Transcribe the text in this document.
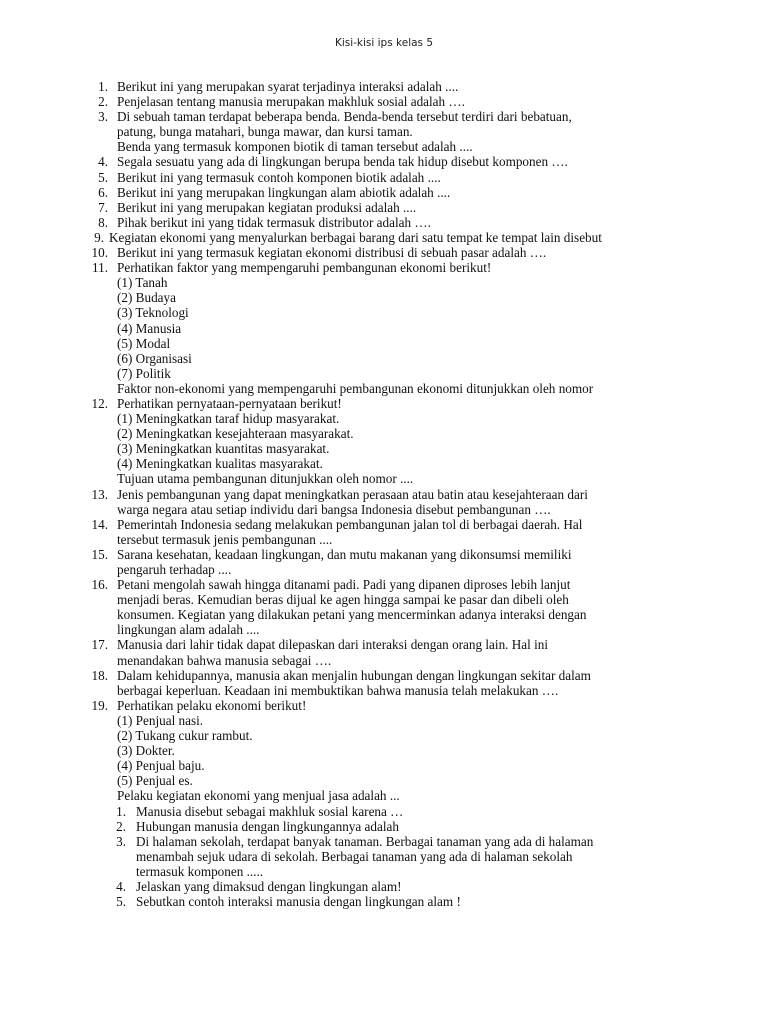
Kisi-kisi ips kelas 5
1. Berikut ini yang merupakan syarat terjadinya interaksi adalah ....
2. Penjelasan tentang manusia merupakan makhluk sosial adalah ….
3. Di sebuah taman terdapat beberapa benda. Benda-benda tersebut terdiri dari bebatuan,
patung, bunga matahari, bunga mawar, dan kursi taman.
Benda yang termasuk komponen biotik di taman tersebut adalah ....
4. Segala sesuatu yang ada di lingkungan berupa benda tak hidup disebut komponen ….
5. Berikut ini yang termasuk contoh komponen biotik adalah ....
6. Berikut ini yang merupakan lingkungan alam abiotik adalah ....
7. Berikut ini yang merupakan kegiatan produksi adalah ....
8. Pihak berikut ini yang tidak termasuk distributor adalah ….
9. Kegiatan ekonomi yang menyalurkan berbagai barang dari satu tempat ke tempat lain disebut
10. Berikut ini yang termasuk kegiatan ekonomi distribusi di sebuah pasar adalah ….
11. Perhatikan faktor yang mempengaruhi pembangunan ekonomi berikut!
(1) Tanah
(2) Budaya
(3) Teknologi
(4) Manusia
(5) Modal
(6) Organisasi
(7) Politik
Faktor non-ekonomi yang mempengaruhi pembangunan ekonomi ditunjukkan oleh nomor
12. Perhatikan pernyataan-pernyataan berikut!
(1) Meningkatkan taraf hidup masyarakat.
(2) Meningkatkan kesejahteraan masyarakat.
(3) Meningkatkan kuantitas masyarakat.
(4) Meningkatkan kualitas masyarakat.
Tujuan utama pembangunan ditunjukkan oleh nomor ....
13. Jenis pembangunan yang dapat meningkatkan perasaan atau batin atau kesejahteraan dari
warga negara atau setiap individu dari bangsa Indonesia disebut pembangunan ….
14. Pemerintah Indonesia sedang melakukan pembangunan jalan tol di berbagai daerah. Hal
tersebut termasuk jenis pembangunan ....
15. Sarana kesehatan, keadaan lingkungan, dan mutu makanan yang dikonsumsi memiliki
pengaruh terhadap ....
16. Petani mengolah sawah hingga ditanami padi. Padi yang dipanen diproses lebih lanjut
menjadi beras. Kemudian beras dijual ke agen hingga sampai ke pasar dan dibeli oleh
konsumen. Kegiatan yang dilakukan petani yang mencerminkan adanya interaksi dengan
lingkungan alam adalah ....
17. Manusia dari lahir tidak dapat dilepaskan dari interaksi dengan orang lain. Hal ini
menandakan bahwa manusia sebagai ….
18. Dalam kehidupannya, manusia akan menjalin hubungan dengan lingkungan sekitar dalam
berbagai keperluan. Keadaan ini membuktikan bahwa manusia telah melakukan ….
19. Perhatikan pelaku ekonomi berikut!
(1) Penjual nasi.
(2) Tukang cukur rambut.
(3) Dokter.
(4) Penjual baju.
(5) Penjual es.
Pelaku kegiatan ekonomi yang menjual jasa adalah ...
1. Manusia disebut sebagai makhluk sosial karena …
2. Hubungan manusia dengan lingkungannya adalah
3. Di halaman sekolah, terdapat banyak tanaman. Berbagai tanaman yang ada di halaman
menambah sejuk udara di sekolah. Berbagai tanaman yang ada di halaman sekolah
termasuk komponen .....
4. Jelaskan yang dimaksud dengan lingkungan alam!
5. Sebutkan contoh interaksi manusia dengan lingkungan alam !
